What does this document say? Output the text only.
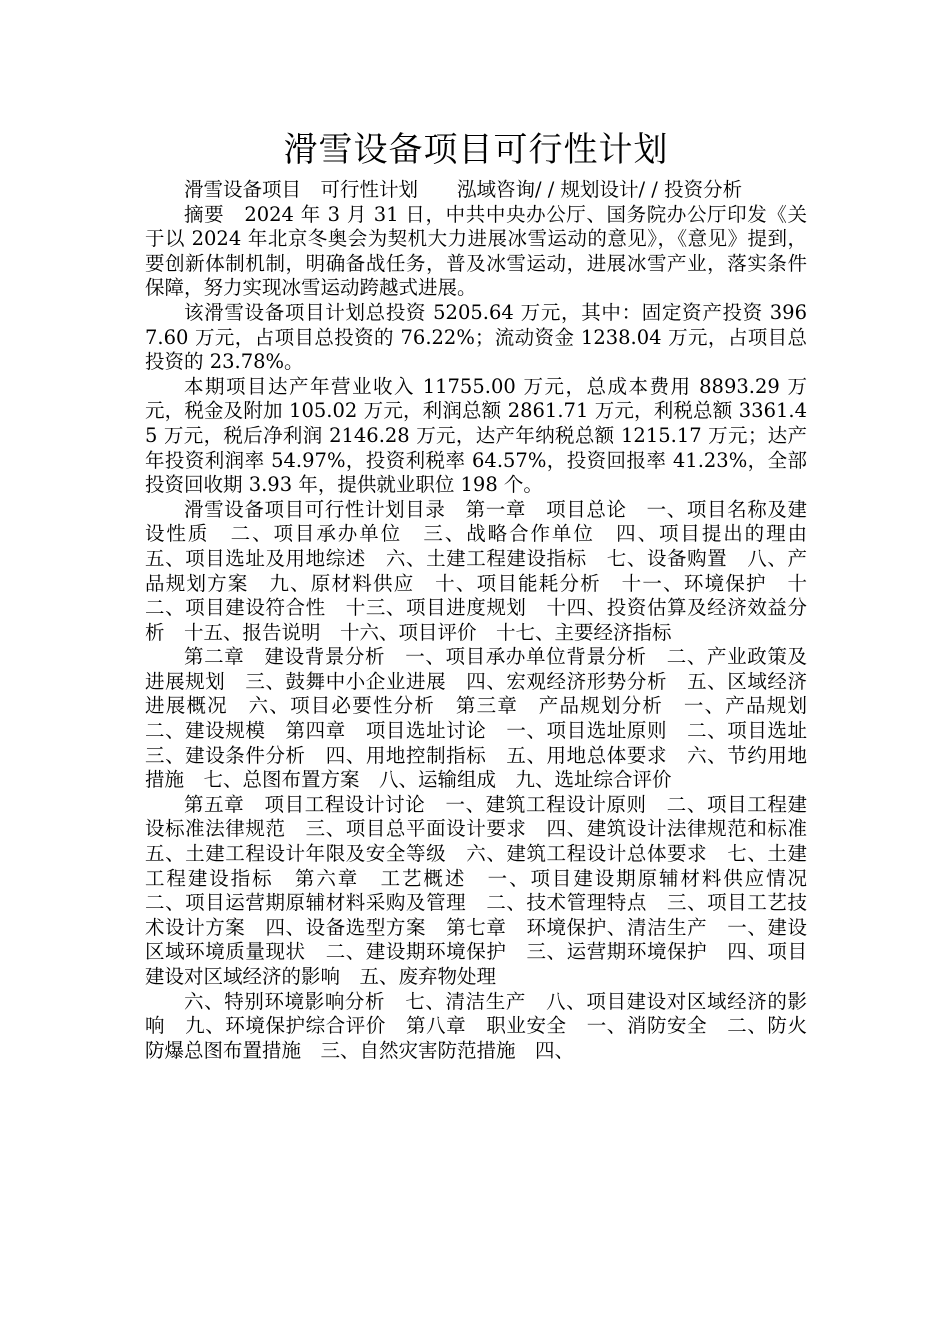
滑雪设备项目可行性计划

滑雪设备项目　可行性计划　　泓域咨询/ / 规划设计/ / 投资分析

摘要　2024 年 3 月 31 日，中共中央办公厅、国务院办公厅印发《关于以 2024 年北京冬奥会为契机大力进展冰雪运动的意见》，《意见》提到，要创新体制机制，明确备战任务，普及冰雪运动，进展冰雪产业，落实条件保障，努力实现冰雪运动跨越式进展。

该滑雪设备项目计划总投资 5205.64 万元，其中：固定资产投资 3967.60 万元，占项目总投资的 76.22%；流动资金 1238.04 万元，占项目总投资的 23.78%。

本期项目达产年营业收入 11755.00 万元，总成本费用 8893.29 万元，税金及附加 105.02 万元，利润总额 2861.71 万元，利税总额 3361.45 万元，税后净利润 2146.28 万元，达产年纳税总额 1215.17 万元；达产年投资利润率 54.97%，投资利税率 64.57%，投资回报率 41.23%，全部投资回收期 3.93 年，提供就业职位 198 个。

滑雪设备项目可行性计划目录　第一章　项目总论　一、项目名称及建设性质　二、项目承办单位　三、战略合作单位　四、项目提出的理由　五、项目选址及用地综述　六、土建工程建设指标　七、设备购置　八、产品规划方案　九、原材料供应　十、项目能耗分析　十一、环境保护　十二、项目建设符合性　十三、项目进度规划　十四、投资估算及经济效益分析　十五、报告说明　十六、项目评价　十七、主要经济指标

第二章　建设背景分析　一、项目承办单位背景分析　二、产业政策及进展规划　三、鼓舞中小企业进展　四、宏观经济形势分析　五、区域经济进展概况　六、项目必要性分析　第三章　产品规划分析　一、产品规划　二、建设规模　第四章　项目选址讨论　一、项目选址原则　二、项目选址　三、建设条件分析　四、用地控制指标　五、用地总体要求　六、节约用地措施　七、总图布置方案　八、运输组成　九、选址综合评价

第五章　项目工程设计讨论　一、建筑工程设计原则　二、项目工程建设标准法律规范　三、项目总平面设计要求　四、建筑设计法律规范和标准　五、土建工程设计年限及安全等级　六、建筑工程设计总体要求　七、土建工程建设指标　第六章　工艺概述　一、项目建设期原辅材料供应情况　二、项目运营期原辅材料采购及管理　二、技术管理特点　三、项目工艺技术设计方案　四、设备选型方案　第七章　环境保护、清洁生产　一、建设区域环境质量现状　二、建设期环境保护　三、运营期环境保护　四、项目建设对区域经济的影响　五、废弃物处理

六、特别环境影响分析　七、清洁生产　八、项目建设对区域经济的影响　九、环境保护综合评价　第八章　职业安全　一、消防安全　二、防火防爆总图布置措施　三、自然灾害防范措施　四、
